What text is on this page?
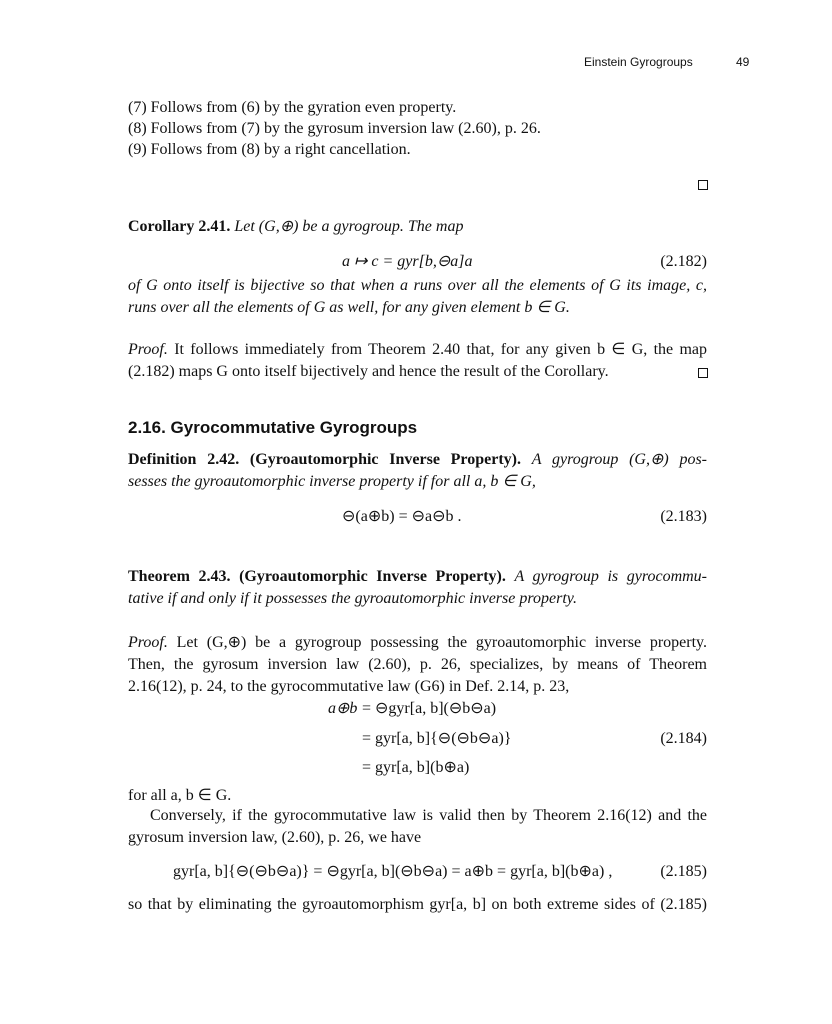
Einstein Gyrogroups	49
(7) Follows from (6) by the gyration even property.
(8) Follows from (7) by the gyrosum inversion law (2.60), p. 26.
(9) Follows from (8) by a right cancellation.
Corollary 2.41. Let (G,⊕) be a gyrogroup. The map
a ↦ c = gyr[b,⊖a]a	(2.182)
of G onto itself is bijective so that when a runs over all the elements of G its image, c,
runs over all the elements of G as well, for any given element b ∈ G.
Proof. It follows immediately from Theorem 2.40 that, for any given b ∈ G, the map
(2.182) maps G onto itself bijectively and hence the result of the Corollary.
2.16. Gyrocommutative Gyrogroups
Definition 2.42. (Gyroautomorphic Inverse Property). A gyrogroup (G,⊕) pos-
sesses the gyroautomorphic inverse property if for all a, b ∈ G,
⊖(a⊕b) = ⊖a⊖b .	(2.183)
Theorem 2.43. (Gyroautomorphic Inverse Property). A gyrogroup is gyrocommu-
tative if and only if it possesses the gyroautomorphic inverse property.
Proof. Let (G,⊕) be a gyrogroup possessing the gyroautomorphic inverse property.
Then, the gyrosum inversion law (2.60), p. 26, specializes, by means of Theorem
2.16(12), p. 24, to the gyrocommutative law (G6) in Def. 2.14, p. 23,
a⊕b = ⊖gyr[a, b](⊖b⊖a)
= gyr[a, b]{⊖(⊖b⊖a)}	(2.184)
= gyr[a, b](b⊕a)
for all a, b ∈ G.
Conversely, if the gyrocommutative law is valid then by Theorem 2.16(12) and the
gyrosum inversion law, (2.60), p. 26, we have
gyr[a, b]{⊖(⊖b⊖a)} = ⊖gyr[a, b](⊖b⊖a) = a⊕b = gyr[a, b](b⊕a) ,	(2.185)
so that by eliminating the gyroautomorphism gyr[a, b] on both extreme sides of (2.185)
